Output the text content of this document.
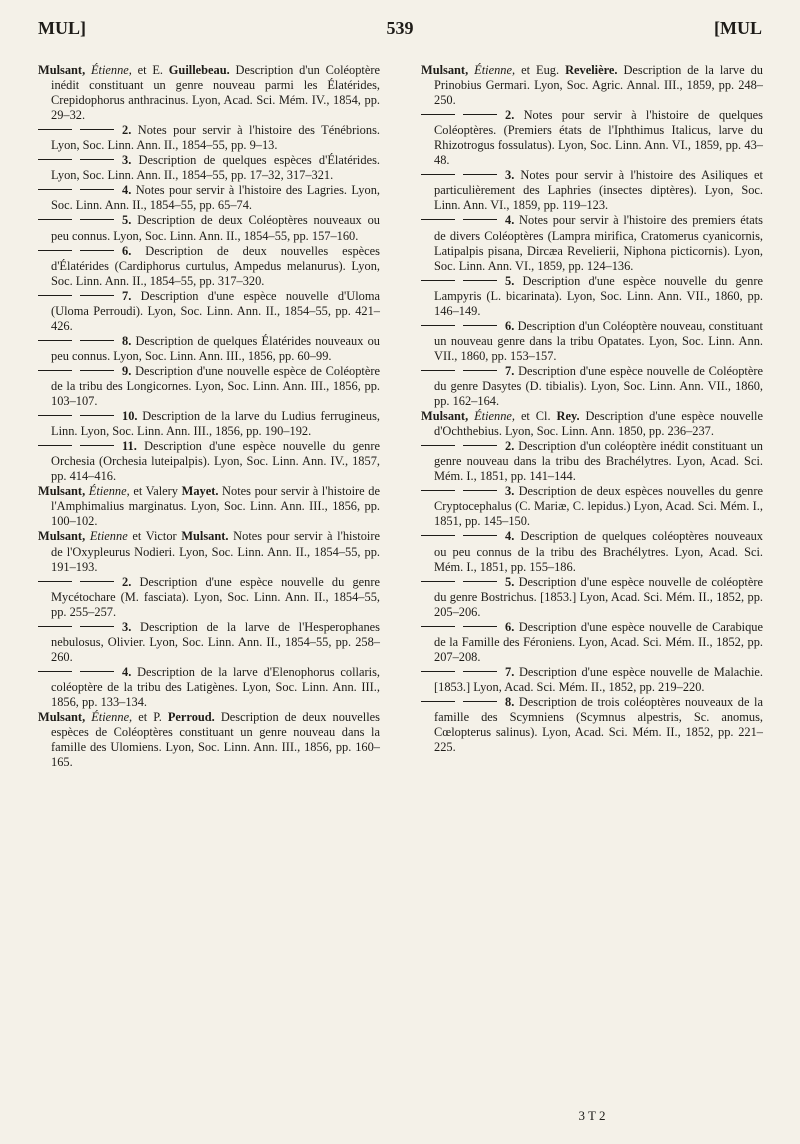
MUL]	539	[MUL

Mulsant, Étienne, et E. Guillebeau. Description d'un Coléoptère inédit constituant un genre nouveau parmi les Élatérides, Crepidophorus anthracinus. Lyon, Acad. Sci. Mém. IV., 1854, pp. 29–32.

2. Notes pour servir à l'histoire des Ténébrions. Lyon, Soc. Linn. Ann. II., 1854–55, pp. 9–13.

3. Description de quelques espèces d'Élatérides. Lyon, Soc. Linn. Ann. II., 1854–55, pp. 17–32, 317–321.

4. Notes pour servir à l'histoire des Lagries. Lyon, Soc. Linn. Ann. II., 1854–55, pp. 65–74.

5. Description de deux Coléoptères nouveaux ou peu connus. Lyon, Soc. Linn. Ann. II., 1854–55, pp. 157–160.

6. Description de deux nouvelles espèces d'Élatérides (Cardiphorus curtulus, Ampedus melanurus). Lyon, Soc. Linn. Ann. II., 1854–55, pp. 317–320.

7. Description d'une espèce nouvelle d'Uloma (Uloma Perroudi). Lyon, Soc. Linn. Ann. II., 1854–55, pp. 421–426.

8. Description de quelques Élatérides nouveaux ou peu connus. Lyon, Soc. Linn. Ann. III., 1856, pp. 60–99.

9. Description d'une nouvelle espèce de Coléoptère de la tribu des Longicornes. Lyon, Soc. Linn. Ann. III., 1856, pp. 103–107.

10. Description de la larve du Ludius ferrugineus, Linn. Lyon, Soc. Linn. Ann. III., 1856, pp. 190–192.

11. Description d'une espèce nouvelle du genre Orchesia (Orchesia luteipalpis). Lyon, Soc. Linn. Ann. IV., 1857, pp. 414–416.

Mulsant, Étienne, et Valery Mayet. Notes pour servir à l'histoire de l'Amphimalius marginatus. Lyon, Soc. Linn. Ann. III., 1856, pp. 100–102.

Mulsant, Etienne et Victor Mulsant. Notes pour servir à l'histoire de l'Oxypleurus Nodieri. Lyon, Soc. Linn. Ann. II., 1854–55, pp. 191–193.

2. Description d'une espèce nouvelle du genre Mycétochare (M. fasciata). Lyon, Soc. Linn. Ann. II., 1854–55, pp. 255–257.

3. Description de la larve de l'Hesperophanes nebulosus, Olivier. Lyon, Soc. Linn. Ann. II., 1854–55, pp. 258–260.

4. Description de la larve d'Elenophorus collaris, coléoptère de la tribu des Latigènes. Lyon, Soc. Linn. Ann. III., 1856, pp. 133–134.

Mulsant, Étienne, et P. Perroud. Description de deux nouvelles espèces de Coléoptères constituant un genre nouveau dans la famille des Ulomiens. Lyon, Soc. Linn. Ann. III., 1856, pp. 160–165.

Mulsant, Étienne, et Eug. Revelière. Description de la larve du Prinobius Germari. Lyon, Soc. Agric. Annal. III., 1859, pp. 248–250.

2. Notes pour servir à l'histoire de quelques Coléoptères. (Premiers états de l'Iphthimus Italicus, larve du Rhizotrogus fossulatus). Lyon, Soc. Linn. Ann. VI., 1859, pp. 43–48.

3. Notes pour servir à l'histoire des Asiliques et particulièrement des Laphries (insectes diptères). Lyon, Soc. Linn. Ann. VI., 1859, pp. 119–123.

4. Notes pour servir à l'histoire des premiers états de divers Coléoptères (Lampra mirifica, Cratomerus cyanicornis, Latipalpis pisana, Dircæa Revelierii, Niphona picticornis). Lyon, Soc. Linn. Ann. VI., 1859, pp. 124–136.

5. Description d'une espèce nouvelle du genre Lampyris (L. bicarinata). Lyon, Soc. Linn. Ann. VII., 1860, pp. 146–149.

6. Description d'un Coléoptère nouveau, constituant un nouveau genre dans la tribu Opatates. Lyon, Soc. Linn. Ann. VII., 1860, pp. 153–157.

7. Description d'une espèce nouvelle de Coléoptère du genre Dasytes (D. tibialis). Lyon, Soc. Linn. Ann. VII., 1860, pp. 162–164.

Mulsant, Étienne, et Cl. Rey. Description d'une espèce nouvelle d'Ochthebius. Lyon, Soc. Linn. Ann. 1850, pp. 236–237.

2. Description d'un coléoptère inédit constituant un genre nouveau dans la tribu des Brachélytres. Lyon, Acad. Sci. Mém. I., 1851, pp. 141–144.

3. Description de deux espèces nouvelles du genre Cryptocephalus (C. Mariæ, C. lepidus.) Lyon, Acad. Sci. Mém. I., 1851, pp. 145–150.

4. Description de quelques coléoptères nouveaux ou peu connus de la tribu des Brachélytres. Lyon, Acad. Sci. Mém. I., 1851, pp. 155–186.

5. Description d'une espèce nouvelle de coléoptère du genre Bostrichus. [1853.] Lyon, Acad. Sci. Mém. II., 1852, pp. 205–206.

6. Description d'une espèce nouvelle de Carabique de la Famille des Féroniens. Lyon, Acad. Sci. Mém. II., 1852, pp. 207–208.

7. Description d'une espèce nouvelle de Malachie. [1853.] Lyon, Acad. Sci. Mém. II., 1852, pp. 219–220.

8. Description de trois coléoptères nouveaux de la famille des Scymniens (Scymnus alpestris, Sc. anomus, Cœlopterus salinus). Lyon, Acad. Sci. Mém. II., 1852, pp. 221–225.

3 T 2
